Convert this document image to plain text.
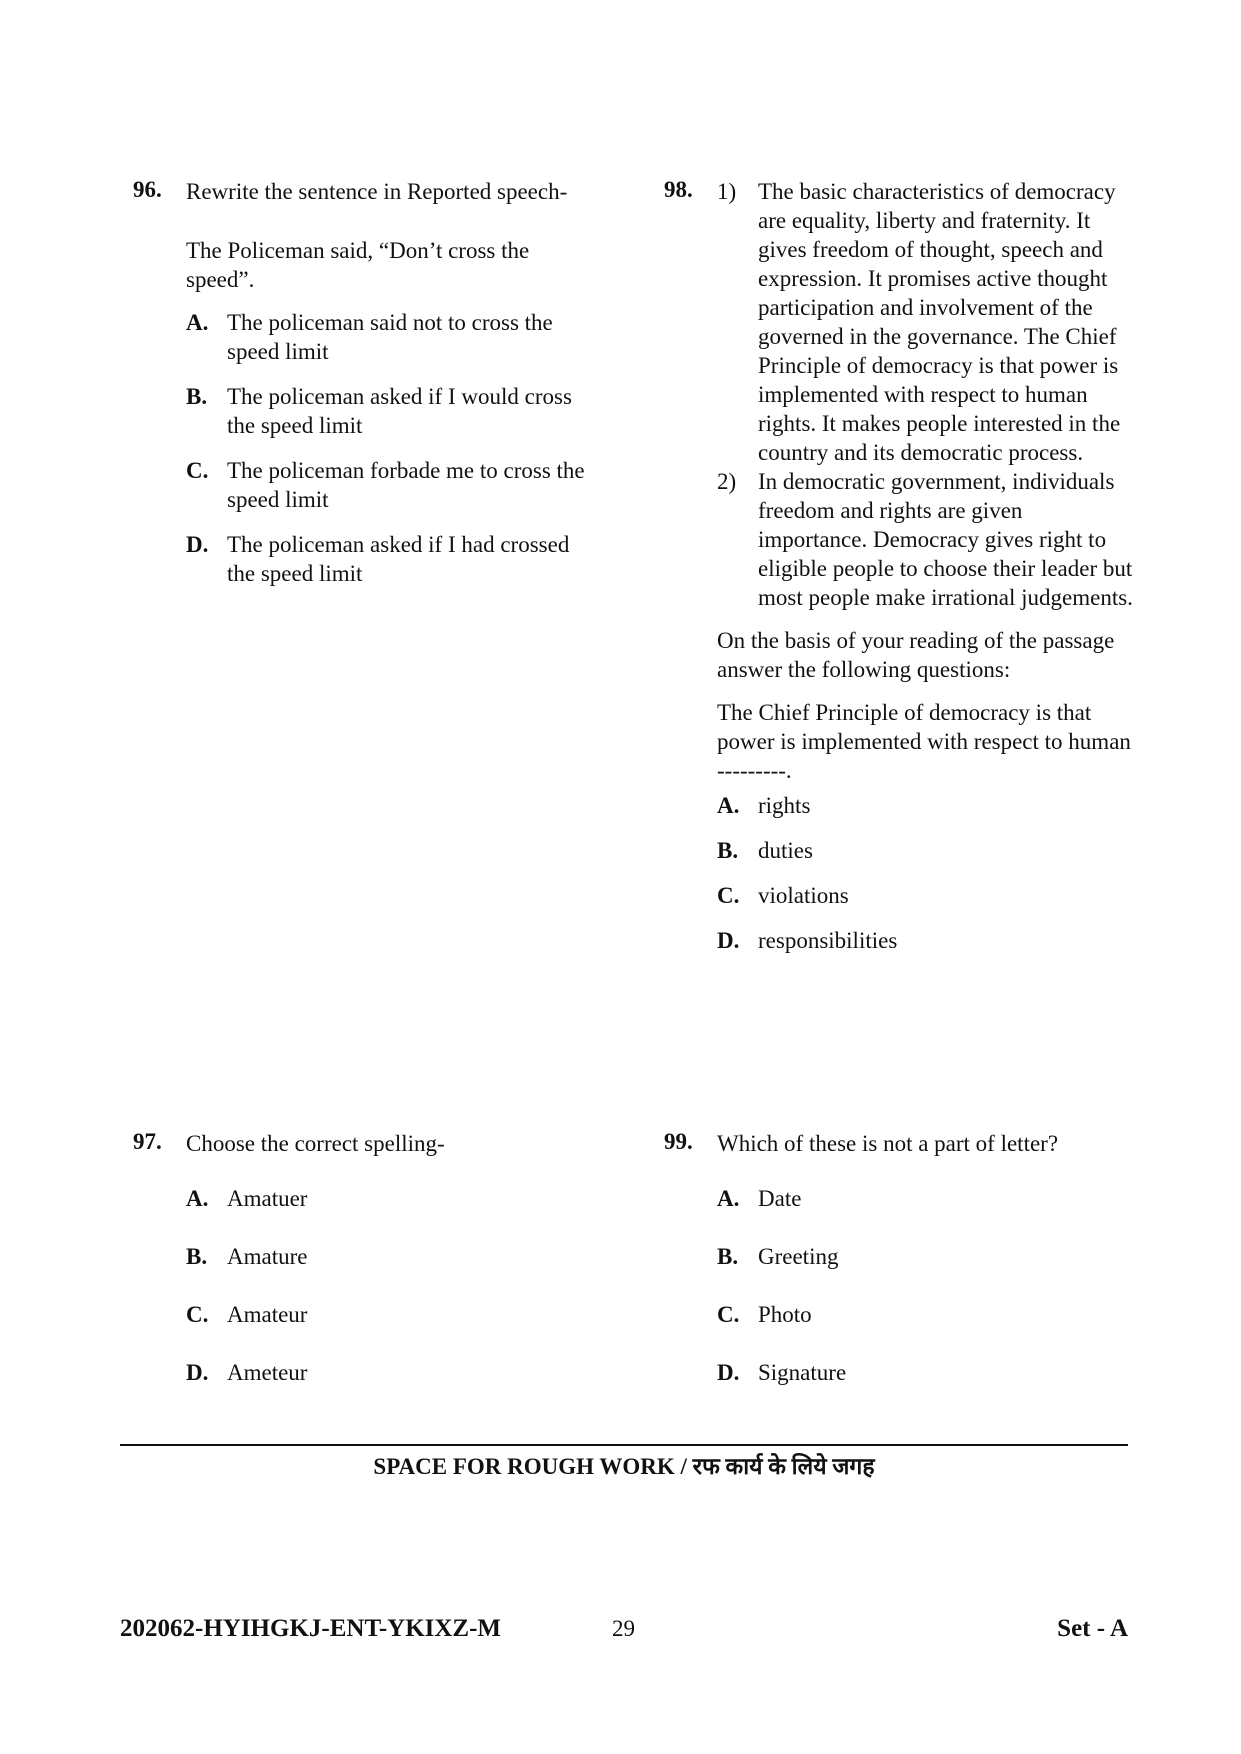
96. Rewrite the sentence in Reported speech-
The Policeman said, “Don’t cross the speed”.
A. The policeman said not to cross the speed limit
B. The policeman asked if I would cross the speed limit
C. The policeman forbade me to cross the speed limit
D. The policeman asked if I had crossed the speed limit
98. 1) The basic characteristics of democracy are equality, liberty and fraternity. It gives freedom of thought, speech and expression. It promises active thought participation and involvement of the governed in the governance. The Chief Principle of democracy is that power is implemented with respect to human rights. It makes people interested in the country and its democratic process.
2) In democratic government, individuals freedom and rights are given importance. Democracy gives right to eligible people to choose their leader but most people make irrational judgements.
On the basis of your reading of the passage answer the following questions:
The Chief Principle of democracy is that power is implemented with respect to human ---------.
A. rights
B. duties
C. violations
D. responsibilities
97. Choose the correct spelling-
A. Amatuer
B. Amature
C. Amateur
D. Ameteur
99. Which of these is not a part of letter?
A. Date
B. Greeting
C. Photo
D. Signature
SPACE FOR ROUGH WORK / रफ कार्य के लिये जगह
202062-HYIHGKJ-ENT-YKIXZ-M	29	Set - A
